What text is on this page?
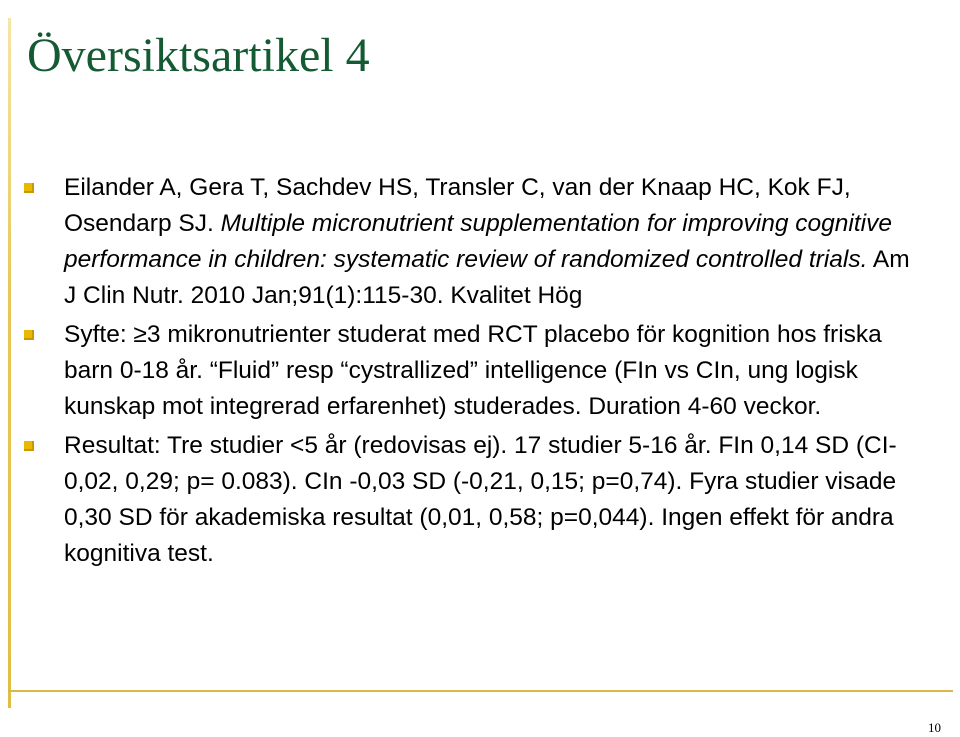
Översiktsartikel 4
Eilander A, Gera T, Sachdev HS, Transler C, van der Knaap HC, Kok FJ, Osendarp SJ. Multiple micronutrient supplementation for improving cognitive performance in children: systematic review of randomized controlled trials. Am J Clin Nutr. 2010 Jan;91(1):115-30. Kvalitet Hög
Syfte: ≥3 mikronutrienter studerat med RCT placebo för kognition hos friska barn 0-18 år. “Fluid” resp “cystrallized” intelligence (FIn vs CIn, ung logisk kunskap mot integrerad erfarenhet) studerades. Duration 4-60 veckor.
Resultat: Tre studier <5 år (redovisas ej). 17 studier 5-16 år. FIn 0,14 SD (CI-0,02, 0,29; p= 0.083). CIn -0,03 SD (-0,21, 0,15; p=0,74). Fyra studier visade 0,30 SD för akademiska resultat (0,01, 0,58; p=0,044). Ingen effekt för andra kognitiva test.
10
